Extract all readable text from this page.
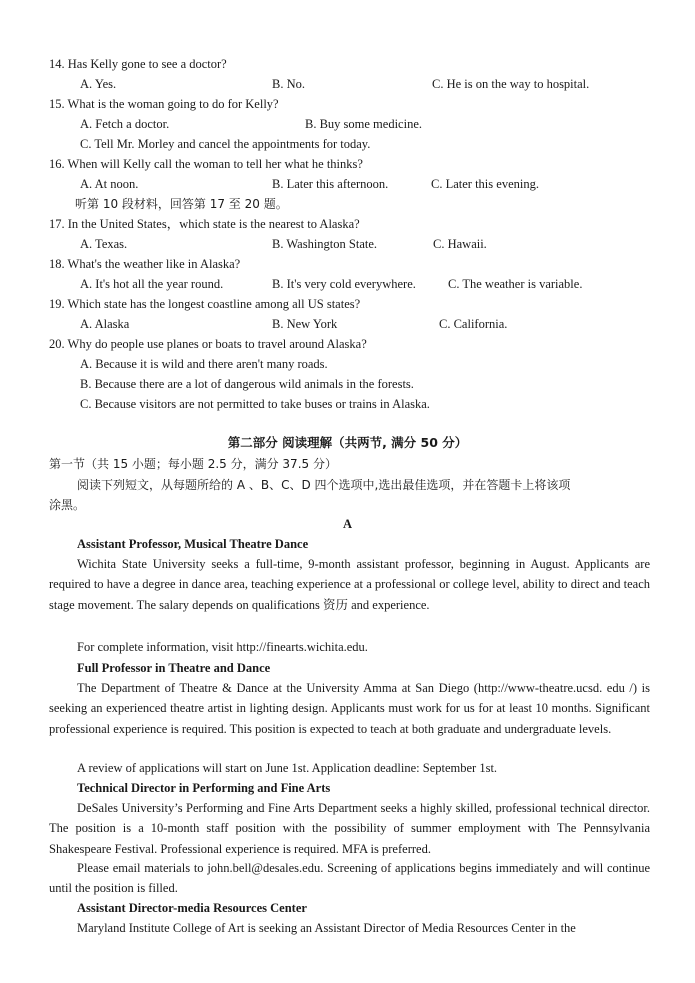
14. Has Kelly gone to see a doctor?
A. Yes.	B. No.	C. He is on the way to hospital.
15. What is the woman going to do for Kelly?
A. Fetch a doctor.	B. Buy some medicine.
C. Tell Mr. Morley and cancel the appointments for today.
16. When will Kelly call the woman to tell her what he thinks?
A. At noon.	B. Later this afternoon.	C. Later this evening.
听第 10 段材料，回答第 17 至 20 题。
17. In the United States，which state is the nearest to Alaska?
A. Texas.	B. Washington State.	C. Hawaii.
18. What's the weather like in Alaska?
A. It's hot all the year round.	B. It's very cold everywhere.	C. The weather is variable.
19. Which state has the longest coastline among all US states?
A. Alaska	B. New York	C. California.
20. Why do people use planes or boats to travel around Alaska?
A. Because it is wild and there aren't many roads.
B. Because there are a lot of dangerous wild animals in the forests.
C. Because visitors are not permitted to take buses or trains in Alaska.
第二部分 阅读理解（共两节, 满分 50 分）
第一节（共 15 小题；每小题 2.5 分，满分 37.5 分）
阅读下列短文，从每题所给的 A 、B、C、D 四个选项中,选出最佳选项，并在答题卡上将该项
涂黑。
A
Assistant Professor, Musical Theatre Dance
Wichita State University seeks a full-time, 9-month assistant professor, beginning in August. Applicants are required to have a degree in dance area, teaching experience at a professional or college level, ability to direct and teach stage movement. The salary depends on qualifications 资历 and experience.
For complete information, visit http://finearts.wichita.edu.
Full Professor in Theatre and Dance
The Department of Theatre & Dance at the University Amma at San Diego (http://www-theatre.ucsd. edu /) is seeking an experienced theatre artist in lighting design. Applicants must work for us for at least 10 months. Significant professional experience is required. This position is expected to teach at both graduate and undergraduate levels.
A review of applications will start on June 1st. Application deadline: September 1st.
Technical Director in Performing and Fine Arts
DeSales University’s Performing and Fine Arts Department seeks a highly skilled, professional technical director. The position is a 10-month staff position with the possibility of summer employment with The Pennsylvania Shakespeare Festival. Professional experience is required. MFA is preferred.
Please email materials to john.bell@desales.edu. Screening of applications begins immediately and will continue until the position is filled.
Assistant Director-media Resources Center
Maryland Institute College of Art is seeking an Assistant Director of Media Resources Center in the
